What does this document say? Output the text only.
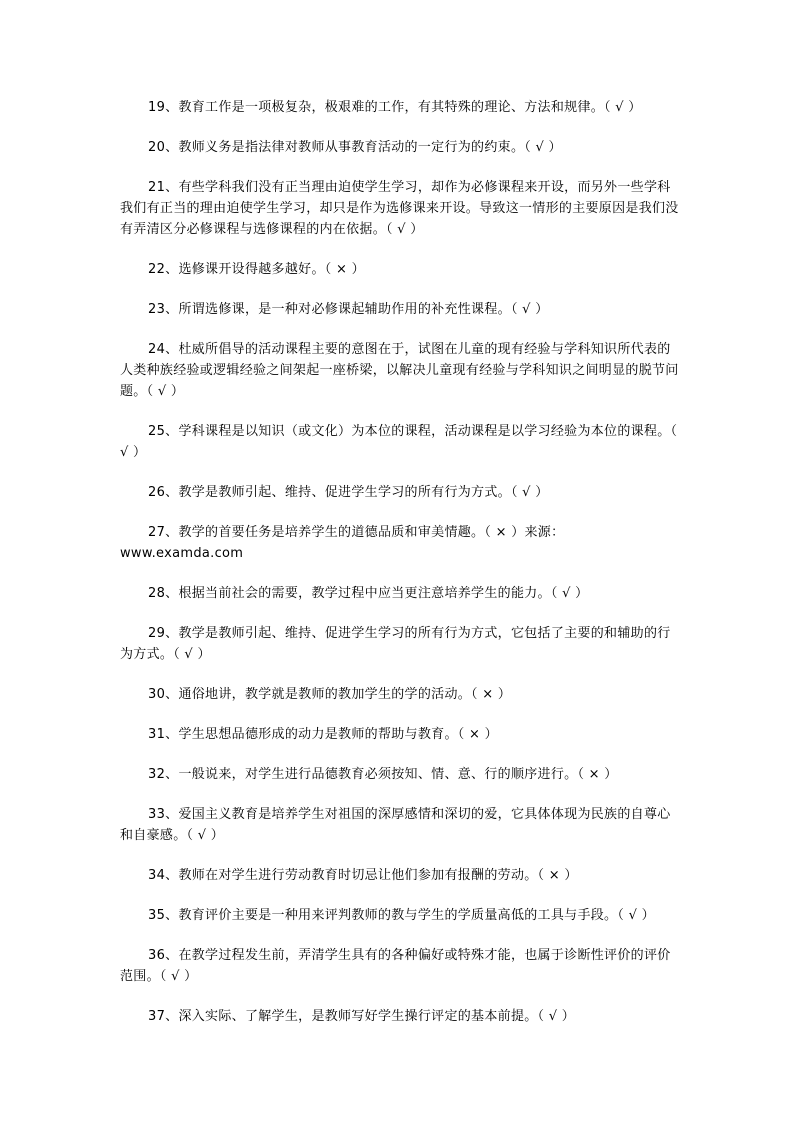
19、教育工作是一项极复杂，极艰难的工作，有其特殊的理论、方法和规律。（ √ ）

20、教师义务是指法律对教师从事教育活动的一定行为的约束。（ √ ）

21、有些学科我们没有正当理由迫使学生学习，却作为必修课程来开设，而另外一些学科我们有正当的理由迫使学生学习，却只是作为选修课来开设。导致这一情形的主要原因是我们没有弄清区分必修课程与选修课程的内在依据。（ √ ）

22、选修课开设得越多越好。（ × ）

23、所谓选修课，是一种对必修课起辅助作用的补充性课程。（ √ ）

24、杜威所倡导的活动课程主要的意图在于，试图在儿童的现有经验与学科知识所代表的人类种族经验或逻辑经验之间架起一座桥梁，以解决儿童现有经验与学科知识之间明显的脱节问题。（ √ ）

25、学科课程是以知识（或文化）为本位的课程，活动课程是以学习经验为本位的课程。（ √ ）

26、教学是教师引起、维持、促进学生学习的所有行为方式。（ √ ）

27、教学的首要任务是培养学生的道德品质和审美情趣。（ × ）来源：www.examda.com

28、根据当前社会的需要，教学过程中应当更注意培养学生的能力。（ √ ）

29、教学是教师引起、维持、促进学生学习的所有行为方式，它包括了主要的和辅助的行为方式。（ √ ）

30、通俗地讲，教学就是教师的教加学生的学的活动。（ × ）

31、学生思想品德形成的动力是教师的帮助与教育。（ × ）

32、一般说来，对学生进行品德教育必须按知、情、意、行的顺序进行。（ × ）

33、爱国主义教育是培养学生对祖国的深厚感情和深切的爱，它具体体现为民族的自尊心和自豪感。（ √ ）

34、教师在对学生进行劳动教育时切忌让他们参加有报酬的劳动。（ × ）

35、教育评价主要是一种用来评判教师的教与学生的学质量高低的工具与手段。（ √ ）

36、在教学过程发生前，弄清学生具有的各种偏好或特殊才能，也属于诊断性评价的评价范围。（ √ ）

37、深入实际、了解学生，是教师写好学生操行评定的基本前提。（ √ ）
